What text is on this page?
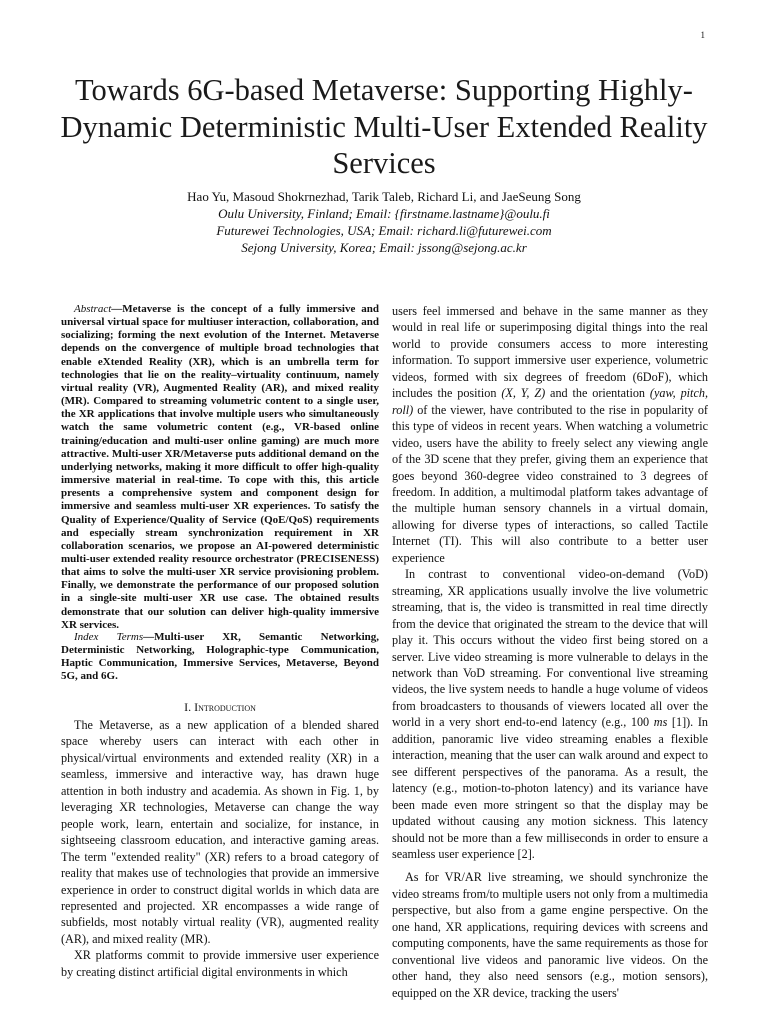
1
Towards 6G-based Metaverse: Supporting Highly-Dynamic Deterministic Multi-User Extended Reality Services
Hao Yu, Masoud Shokrnezhad, Tarik Taleb, Richard Li, and JaeSeung Song
Oulu University, Finland; Email: {firstname.lastname}@oulu.fi
Futurewei Technologies, USA; Email: richard.li@futurewei.com
Sejong University, Korea; Email: jssong@sejong.ac.kr
Abstract—Metaverse is the concept of a fully immersive and universal virtual space for multiuser interaction, collaboration, and socializing; forming the next evolution of the Internet. Metaverse depends on the convergence of multiple broad technologies that enable eXtended Reality (XR), which is an umbrella term for technologies that lie on the reality–virtuality continuum, namely virtual reality (VR), Augmented Reality (AR), and mixed reality (MR). Compared to streaming volumetric content to a single user, the XR applications that involve multiple users who simultaneously watch the same volumetric content (e.g., VR-based online training/education and multi-user online gaming) are much more attractive. Multi-user XR/Metaverse puts additional demand on the underlying networks, making it more difficult to offer high-quality immersive material in real-time. To cope with this, this article presents a comprehensive system and component design for immersive and seamless multi-user XR experiences. To satisfy the Quality of Experience/Quality of Service (QoE/QoS) requirements and especially stream synchronization requirement in XR collaboration scenarios, we propose an AI-powered deterministic multi-user extended reality resource orchestrator (PRECISENESS) that aims to solve the multi-user XR service provisioning problem. Finally, we demonstrate the performance of our proposed solution in a single-site multi-user XR use case. The obtained results demonstrate that our solution can deliver high-quality immersive XR services.
Index Terms—Multi-user XR, Semantic Networking, Deterministic Networking, Holographic-type Communication, Haptic Communication, Immersive Services, Metaverse, Beyond 5G, and 6G.
I. Introduction

The Metaverse, as a new application of a blended shared space whereby users can interact with each other in physical/virtual environments and extended reality (XR) in a seamless, immersive and interactive way, has drawn huge attention in both industry and academia. As shown in Fig. 1, by leveraging XR technologies, Metaverse can change the way people work, learn, entertain and socialize, for instance, in sightseeing classroom education, and interactive gaming areas. The term "extended reality" (XR) refers to a broad category of reality that makes use of technologies that provide an immersive experience in order to construct digital worlds in which data are represented and projected. XR encompasses a wide range of subfields, most notably virtual reality (VR), augmented reality (AR), and mixed reality (MR).

XR platforms commit to provide immersive user experience by creating distinct artificial digital environments in which

users feel immersed and behave in the same manner as they would in real life or superimposing digital things into the real world to provide consumers access to more interesting information. To support immersive user experience, volumetric videos, formed with six degrees of freedom (6DoF), which includes the position (X, Y, Z) and the orientation (yaw, pitch, roll) of the viewer, have contributed to the rise in popularity of this type of videos in recent years. When watching a volumetric video, users have the ability to freely select any viewing angle of the 3D scene that they prefer, giving them an experience that goes beyond 360-degree video constrained to 3 degrees of freedom. In addition, a multimodal platform takes advantage of the multiple human sensory channels in a virtual domain, allowing for diverse types of interactions, so called Tactile Internet (TI). This will also contribute to a better user experience

In contrast to conventional video-on-demand (VoD) streaming, XR applications usually involve the live volumetric streaming, that is, the video is transmitted in real time directly from the device that originated the stream to the device that will play it. This occurs without the video first being stored on a server. Live video streaming is more vulnerable to delays in the network than VoD streaming. For conventional live streaming videos, the live system needs to handle a huge volume of videos from broadcasters to thousands of viewers located all over the world in a very short end-to-end latency (e.g., 100 ms [1]). In addition, panoramic live video streaming enables a flexible interaction, meaning that the user can walk around and expect to see different perspectives of the panorama. As a result, the latency (e.g., motion-to-photon latency) and its variance have been made even more stringent so that the display may be updated without causing any motion sickness. This latency should not be more than a few milliseconds in order to ensure a seamless user experience [2].

As for VR/AR live streaming, we should synchronize the video streams from/to multiple users not only from a multimedia perspective, but also from a game engine perspective. On the one hand, XR applications, requiring devices with screens and computing components, have the same requirements as those for conventional live videos and panoramic live videos. On the other hand, they also need sensors (e.g., motion sensors), equipped on the XR device, tracking the users'
